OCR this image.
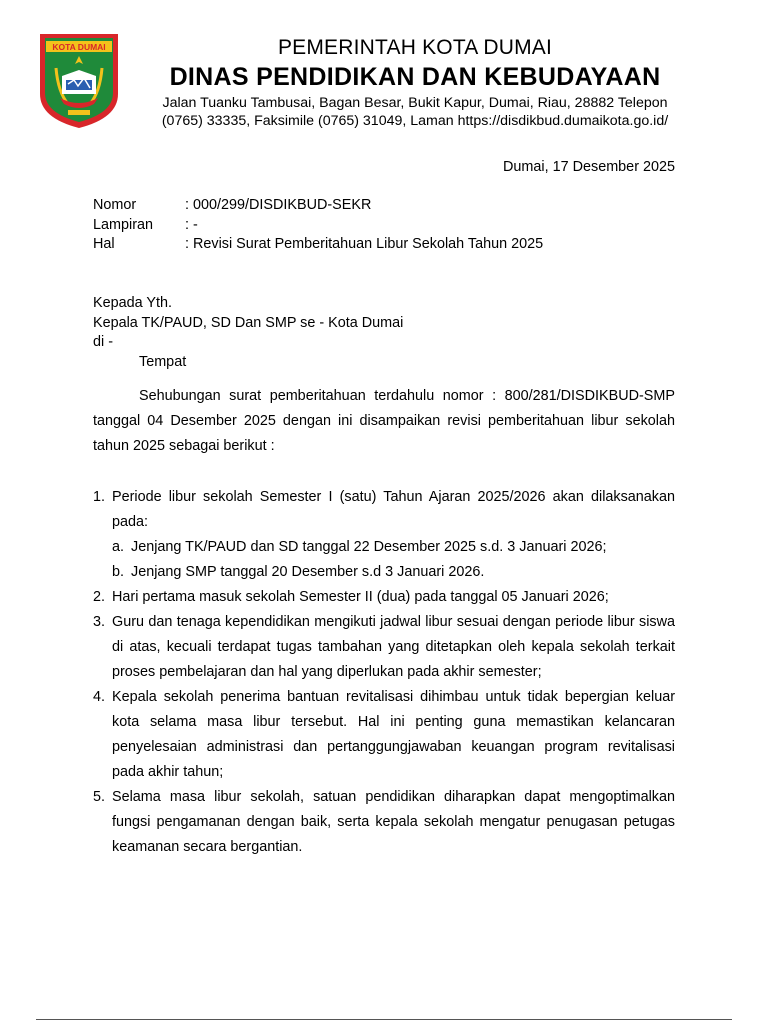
KOTA DUMAI	PEMERINTAH KOTA DUMAI
DINAS PENDIDIKAN DAN KEBUDAYAAN
Jalan Tuanku Tambusai, Bagan Besar, Bukit Kapur, Dumai, Riau, 28882 Telepon
(0765) 33335, Faksimile (0765) 31049, Laman https://disdikbud.dumaikota.go.id/
Dumai, 17 Desember 2025
Nomor	: 000/299/DISDIKBUD-SEKR
Lampiran : -
Hal	: Revisi Surat Pemberitahuan Libur Sekolah Tahun 2025
Kepada Yth.
Kepala TK/PAUD, SD Dan SMP se - Kota Dumai
di -
Tempat

Sehubungan surat pemberitahuan terdahulu nomor : 800/281/DISDIKBUD-SMP tanggal 04 Desember 2025 dengan ini disampaikan revisi pemberitahuan libur sekolah tahun 2025 sebagai berikut :

1. Periode libur sekolah Semester I (satu) Tahun Ajaran 2025/2026 akan dilaksanakan pada:
a. Jenjang TK/PAUD dan SD tanggal 22 Desember 2025 s.d. 3 Januari 2026;
b. Jenjang SMP tanggal 20 Desember s.d 3 Januari 2026.
2. Hari pertama masuk sekolah Semester II (dua) pada tanggal 05 Januari 2026;
3. Guru dan tenaga kependidikan mengikuti jadwal libur sesuai dengan periode libur siswa di atas, kecuali terdapat tugas tambahan yang ditetapkan oleh kepala sekolah terkait proses pembelajaran dan hal yang diperlukan pada akhir semester;
4. Kepala sekolah penerima bantuan revitalisasi dihimbau untuk tidak bepergian keluar kota selama masa libur tersebut. Hal ini penting guna memastikan kelancaran penyelesaian administrasi dan pertanggungjawaban keuangan program revitalisasi pada akhir tahun;
5. Selama masa libur sekolah, satuan pendidikan diharapkan dapat mengoptimalkan fungsi pengamanan dengan baik, serta kepala sekolah mengatur penugasan petugas keamanan secara bergantian.
